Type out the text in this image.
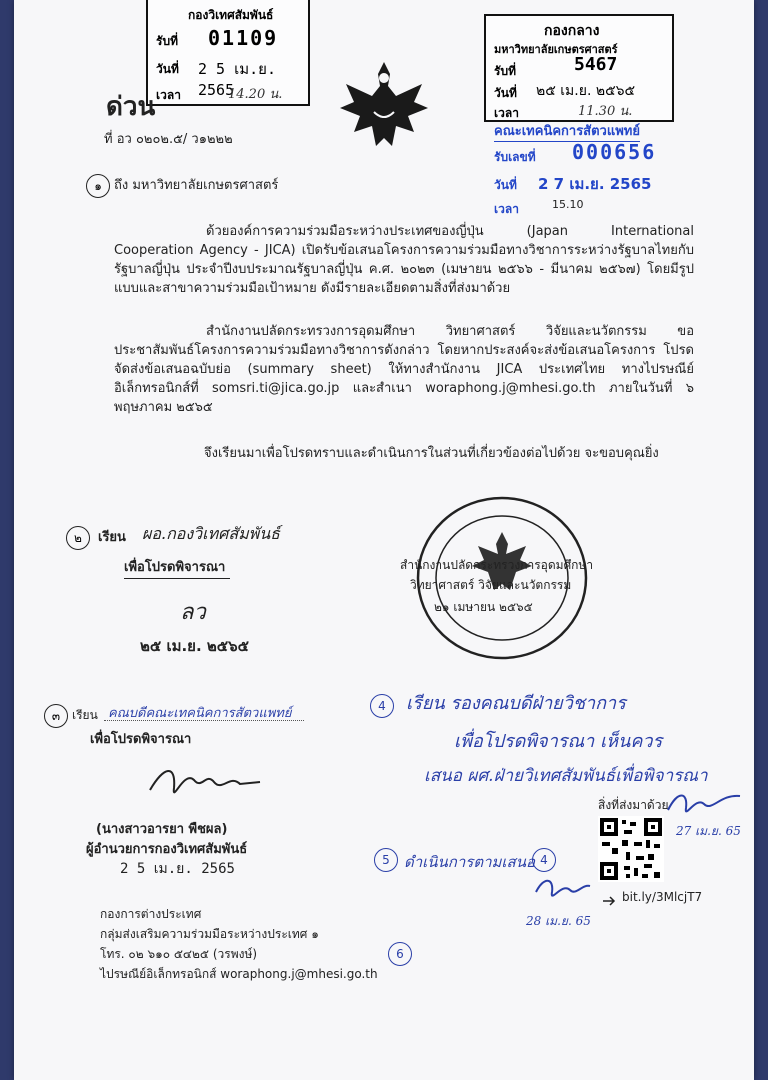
กองวิเทศสัมพันธ์
รับที่ 01109
วันที่ 2 5 เม.ย. 2565
เวลา	14.20 น.
กองกลาง
มหาวิทยาลัยเกษตรศาสตร์
รับที่	5467
วันที่ ๒๕ เม.ย. ๒๕๖๕
เวลา	11.30 น.
คณะเทคนิคการสัตวแพทย์
รับเลขที่ 000656
วันที่ 2 7 เม.ย. 2565
เวลา	15.10
ด่วน
ที่ อว ๐๒๐๒.๕/ ว๑๒๒๒
๑ ถึง มหาวิทยาลัยเกษตรศาสตร์
ด้วยองค์การความร่วมมือระหว่างประเทศของญี่ปุ่น (Japan International Cooperation Agency - JICA) เปิดรับข้อเสนอโครงการความร่วมมือทางวิชาการระหว่างรัฐบาลไทยกับรัฐบาลญี่ปุ่น ประจำปีงบประมาณรัฐบาลญี่ปุ่น ค.ศ. ๒๐๒๓ (เมษายน ๒๕๖๖ - มีนาคม ๒๕๖๗) โดยมีรูปแบบและสาขาความร่วมมือเป้าหมาย ดังมีรายละเอียดตามสิ่งที่ส่งมาด้วย
สำนักงานปลัดกระทรวงการอุดมศึกษา วิทยาศาสตร์ วิจัยและนวัตกรรม ขอประชาสัมพันธ์โครงการความร่วมมือทางวิชาการดังกล่าว โดยหากประสงค์จะส่งข้อเสนอโครงการ โปรดจัดส่งข้อเสนอฉบับย่อ (summary sheet) ให้ทางสำนักงาน JICA ประเทศไทย ทางไปรษณีย์อิเล็กทรอนิกส์ที่ somsri.ti@jica.go.jp และสำเนา woraphong.j@mhesi.go.th ภายในวันที่ ๖ พฤษภาคม ๒๕๖๕
จึงเรียนมาเพื่อโปรดทราบและดำเนินการในส่วนที่เกี่ยวข้องต่อไปด้วย จะขอบคุณยิ่ง
สำนักงานปลัดกระทรวงการอุดมศึกษา
วิทยาศาสตร์ วิจัยและนวัตกรรม
๒๑ เมษายน ๒๕๖๕
๒	เรียน ผอ.กองวิเทศสัมพันธ์
เพื่อโปรดพิจารณา
ลว
๒๕ เม.ย. ๒๕๖๕
๓ เรียน คณบดีคณะเทคนิคการสัตวแพทย์
เพื่อโปรดพิจารณา
(นางสาวอารยา พืชผล)
ผู้อำนวยการกองวิเทศสัมพันธ์
2 5 เม.ย. 2565
4	เรียน รองคณบดีฝ่ายวิชาการ
เพื่อโปรดพิจารณา เห็นควร
เสนอ ผศ.ฝ่ายวิเทศสัมพันธ์เพื่อพิจารณา
27 เม.ย. 65
5 ดำเนินการตามเสนอ 4
28 เม.ย. 65
6
สิ่งที่ส่งมาด้วย
bit.ly/3MlcjT7
กองการต่างประเทศ
กลุ่มส่งเสริมความร่วมมือระหว่างประเทศ ๑
โทร. ๐๒ ๖๑๐ ๕๔๒๕ (วรพงษ์)
ไปรษณีย์อิเล็กทรอนิกส์ woraphong.j@mhesi.go.th
